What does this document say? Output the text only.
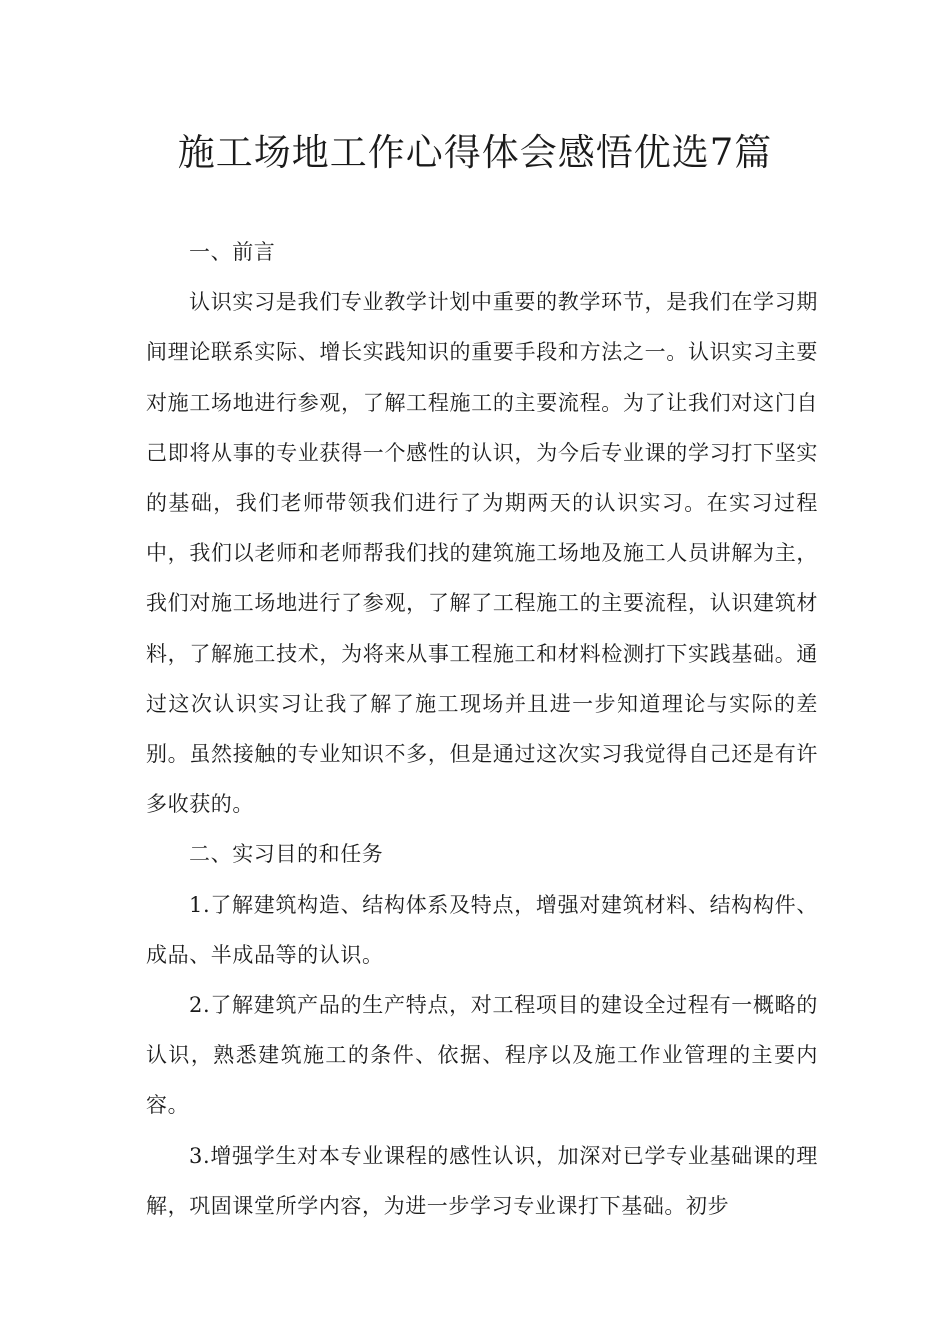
施工场地工作心得体会感悟优选7篇

一、前言

认识实习是我们专业教学计划中重要的教学环节，是我们在学习期间理论联系实际、增长实践知识的重要手段和方法之一。认识实习主要对施工场地进行参观，了解工程施工的主要流程。为了让我们对这门自己即将从事的专业获得一个感性的认识，为今后专业课的学习打下坚实的基础，我们老师带领我们进行了为期两天的认识实习。在实习过程中，我们以老师和老师帮我们找的建筑施工场地及施工人员讲解为主，我们对施工场地进行了参观，了解了工程施工的主要流程，认识建筑材料，了解施工技术，为将来从事工程施工和材料检测打下实践基础。通过这次认识实习让我了解了施工现场并且进一步知道理论与实际的差别。虽然接触的专业知识不多，但是通过这次实习我觉得自己还是有许多收获的。

二、实习目的和任务

1.了解建筑构造、结构体系及特点，增强对建筑材料、结构构件、成品、半成品等的认识。

2.了解建筑产品的生产特点，对工程项目的建设全过程有一概略的认识，熟悉建筑施工的条件、依据、程序以及施工作业管理的主要内容。

3.增强学生对本专业课程的感性认识，加深对已学专业基础课的理解，巩固课堂所学内容，为进一步学习专业课打下基础。初步
